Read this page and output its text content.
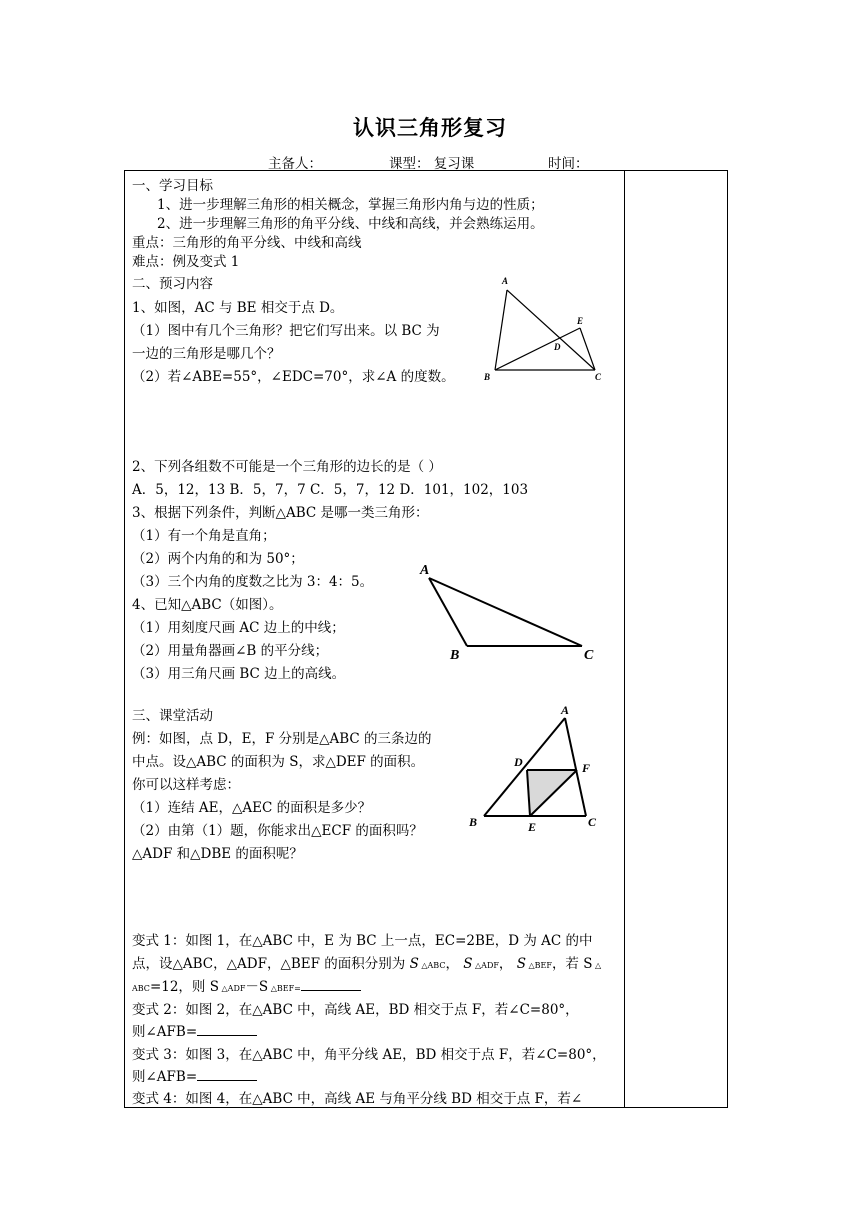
认识三角形复习
主备人：	课型： 复习课	时间：
一、学习目标
1、进一步理解三角形的相关概念，掌握三角形内角与边的性质；
2、进一步理解三角形的角平分线、中线和高线，并会熟练运用。
重点：三角形的角平分线、中线和高线
难点：例及变式 1
二、预习内容
1、如图，AC 与 BE 相交于点 D。
（1）图中有几个三角形？把它们写出来。以 BC 为
一边的三角形是哪几个？
（2）若∠ABE=55°，∠EDC=70°，求∠A 的度数。
A
B	C
D
E
2、下列各组数不可能是一个三角形的边长的是（ ）
A．5，12，13 B．5，7，7 C．5，7，12 D．101，102，103
3、根据下列条件，判断△ABC 是哪一类三角形：
（1）有一个角是直角；
（2）两个内角的和为 50°；
（3）三个内角的度数之比为 3：4：5。
4、已知△ABC（如图）。
（1）用刻度尺画 AC 边上的中线；
（2）用量角器画∠B 的平分线；
（3）用三角尺画 BC 边上的高线。
A
B	C
三、课堂活动
例：如图，点 D，E，F 分别是△ABC 的三条边的
中点。设△ABC 的面积为 S，求△DEF 的面积。
你可以这样考虑：
（1）连结 AE，△AEC 的面积是多少？
（2）由第（1）题，你能求出△ECF 的面积吗？
△ADF 和△DBE 的面积呢？
A
B	C
D
E
F
变式 1：如图 1，在△ABC 中，E 为 BC 上一点，EC=2BE，D 为 AC 的中
点，设△ABC，△ADF，△BEF 的面积分别为 S △ABC， S △ADF， S △BEF，若 S △
ABC=12，则 S △ADF－S △BEF=
变式 2：如图 2，在△ABC 中，高线 AE，BD 相交于点 F，若∠C=80°，
则∠AFB=
变式 3：如图 3，在△ABC 中，角平分线 AE，BD 相交于点 F，若∠C=80°，
则∠AFB=
变式 4：如图 4，在△ABC 中，高线 AE 与角平分线 BD 相交于点 F，若∠
